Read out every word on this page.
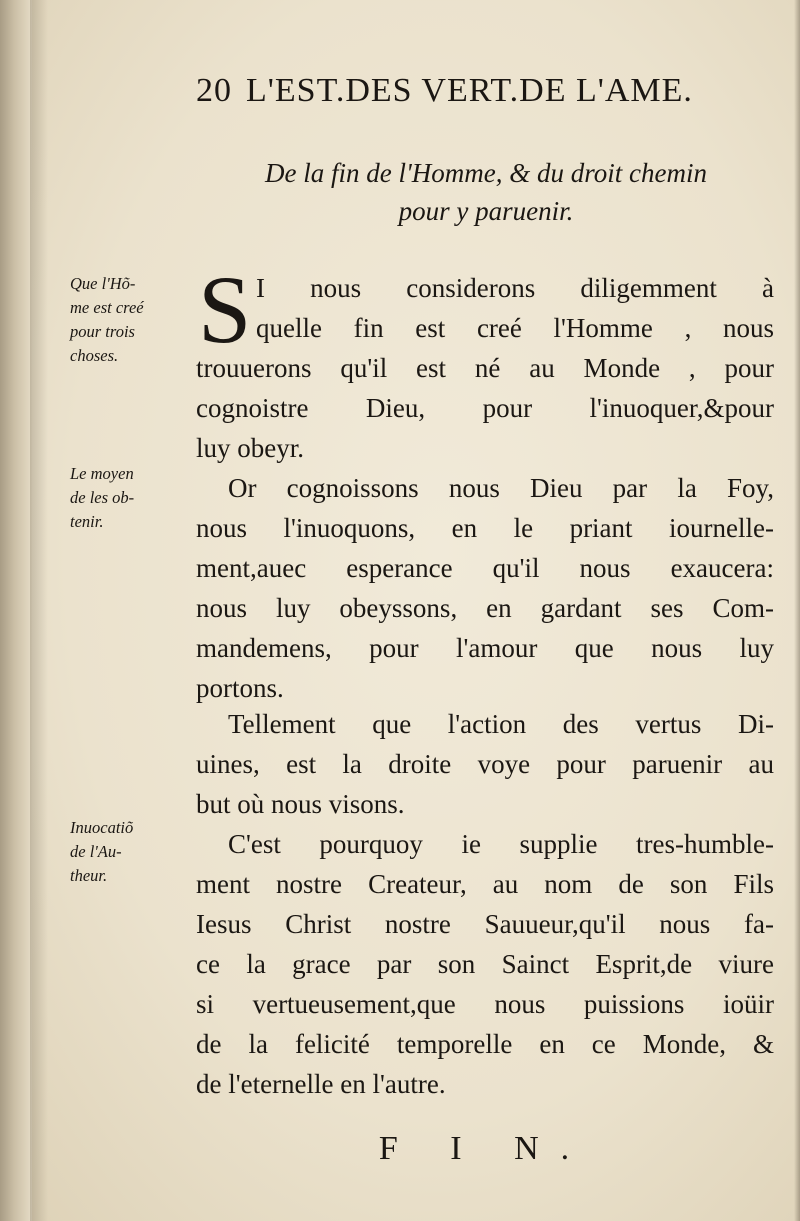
20 L'EST.DES VERT.DE L'AME.
De la fin de l'Homme, & du droit chemin
pour y paruenir.
Que l'Hõ-
me est creé
pour trois
choses.
Le moyen
de les ob-
tenir.
Inuocatiõ
de l'Au-
theur.
S I nous considerons diligemment à
quelle fin est creé l'Homme , nous
trouuerons qu'il est né au Monde , pour
cognoistre Dieu, pour l'inuoquer,&pour
luy obeyr.
Or cognoissons nous Dieu par la Foy,
nous l'inuoquons, en le priant iournelle-
ment,auec esperance qu'il nous exaucera:
nous luy obeyssons, en gardant ses Com-
mandemens, pour l'amour que nous luy
portons.
Tellement que l'action des vertus Di-
uines, est la droite voye pour paruenir au
but où nous visons.
C'est pourquoy ie supplie tres-humble-
ment nostre Createur, au nom de son Fils
Iesus Christ nostre Sauueur,qu'il nous fa-
ce la grace par son Sainct Esprit,de viure
si vertueusement,que nous puissions ioüir
de la felicité temporelle en ce Monde, &
de l'eternelle en l'autre.
F I N.
